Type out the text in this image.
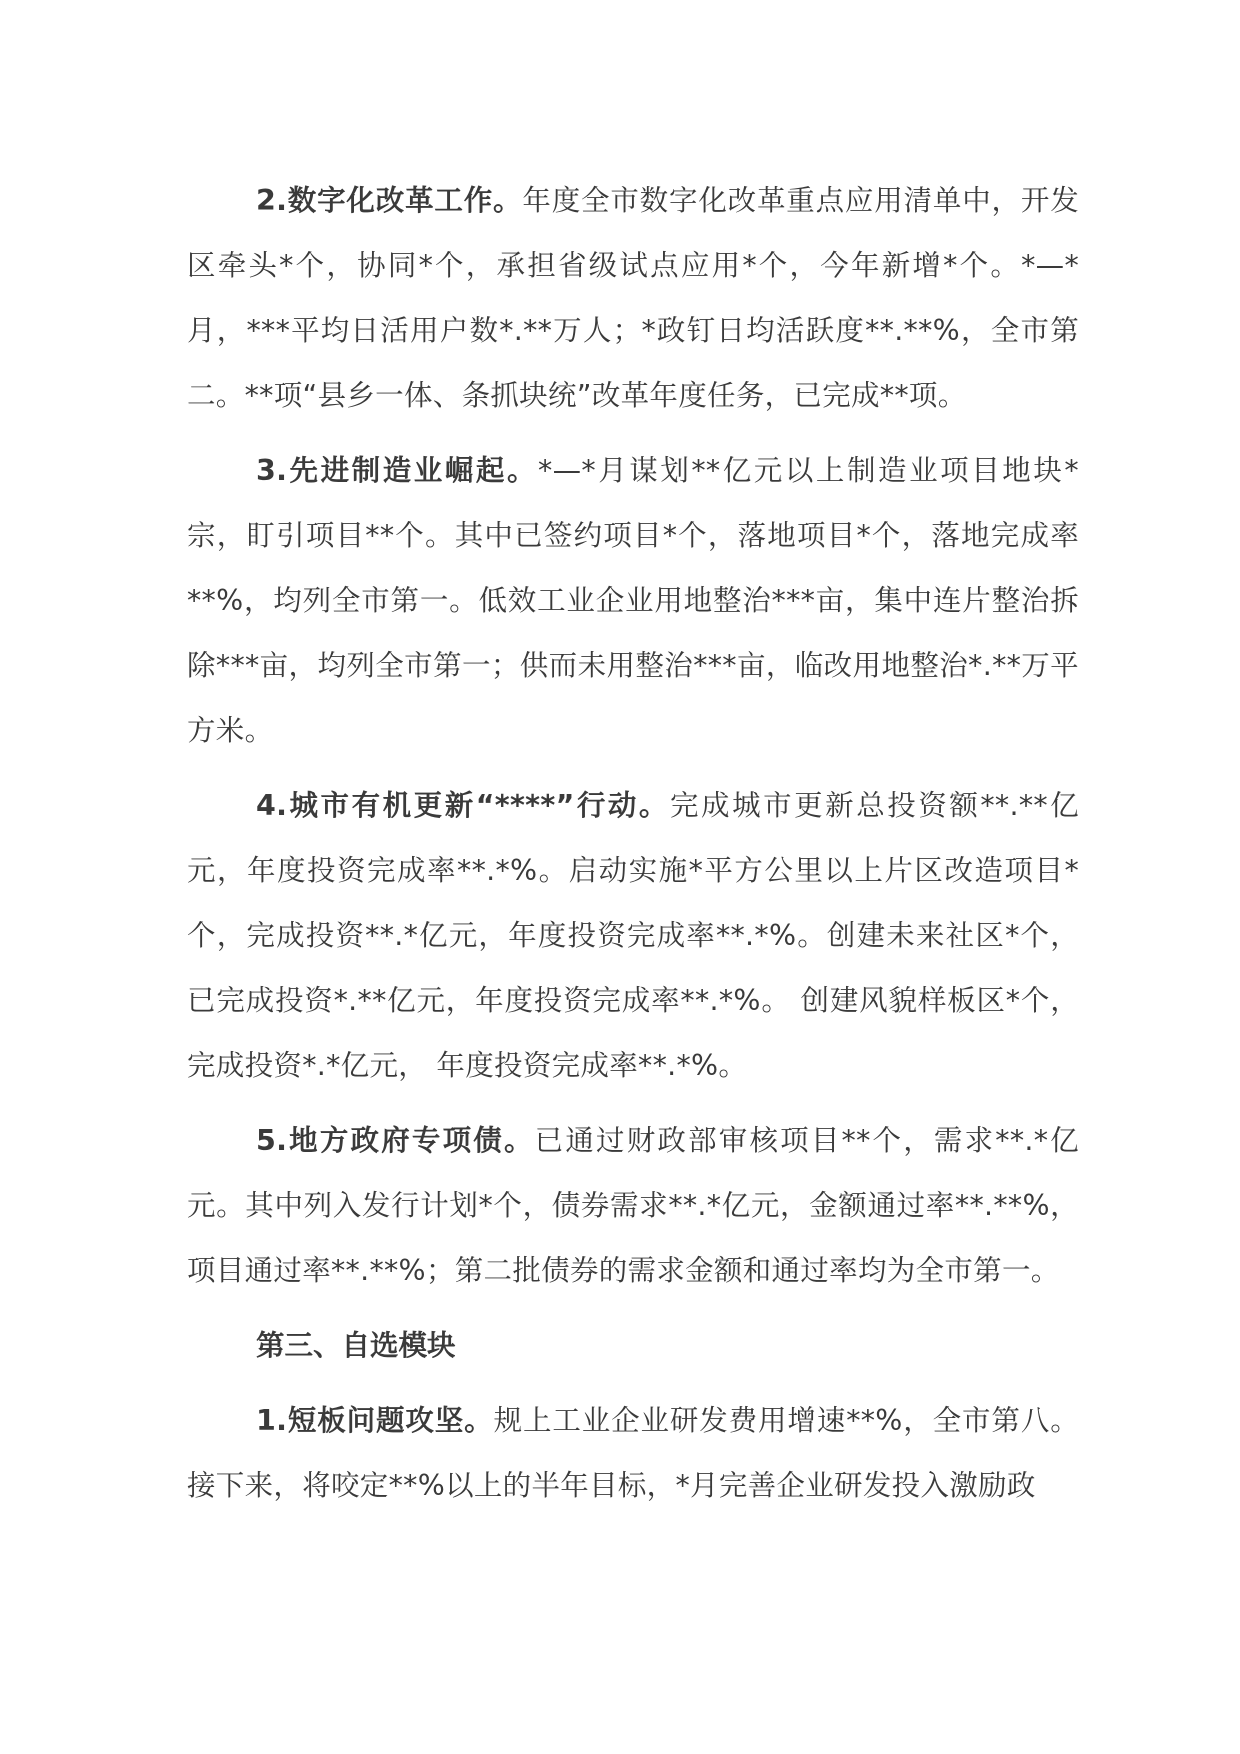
2.数字化改革工作。年度全市数字化改革重点应用清单中，开发区牵头*个，协同*个，承担省级试点应用*个，今年新增*个。*—*月，***平均日活用户数*.**万人；*政钉日均活跃度**.**%，全市第二。**项“县乡一体、条抓块统”改革年度任务，已完成**项。

3.先进制造业崛起。*—*月谋划**亿元以上制造业项目地块*宗，盯引项目**个。其中已签约项目*个，落地项目*个，落地完成率**%，均列全市第一。低效工业企业用地整治***亩，集中连片整治拆除***亩，均列全市第一；供而未用整治***亩，临改用地整治*.**万平方米。

4.城市有机更新“****”行动。完成城市更新总投资额**.**亿元，年度投资完成率**.*%。启动实施*平方公里以上片区改造项目*个，完成投资**.*亿元，年度投资完成率**.*%。创建未来社区*个，已完成投资*.**亿元，年度投资完成率**.*%。 创建风貌样板区*个， 完成投资*.*亿元， 年度投资完成率**.*%。

5.地方政府专项债。已通过财政部审核项目**个，需求**.*亿元。其中列入发行计划*个，债券需求**.*亿元，金额通过率**.**%，项目通过率**.**%；第二批债券的需求金额和通过率均为全市第一。

第三、自选模块

1.短板问题攻坚。规上工业企业研发费用增速**%，全市第八。接下来，将咬定**%以上的半年目标，*月完善企业研发投入激励政
